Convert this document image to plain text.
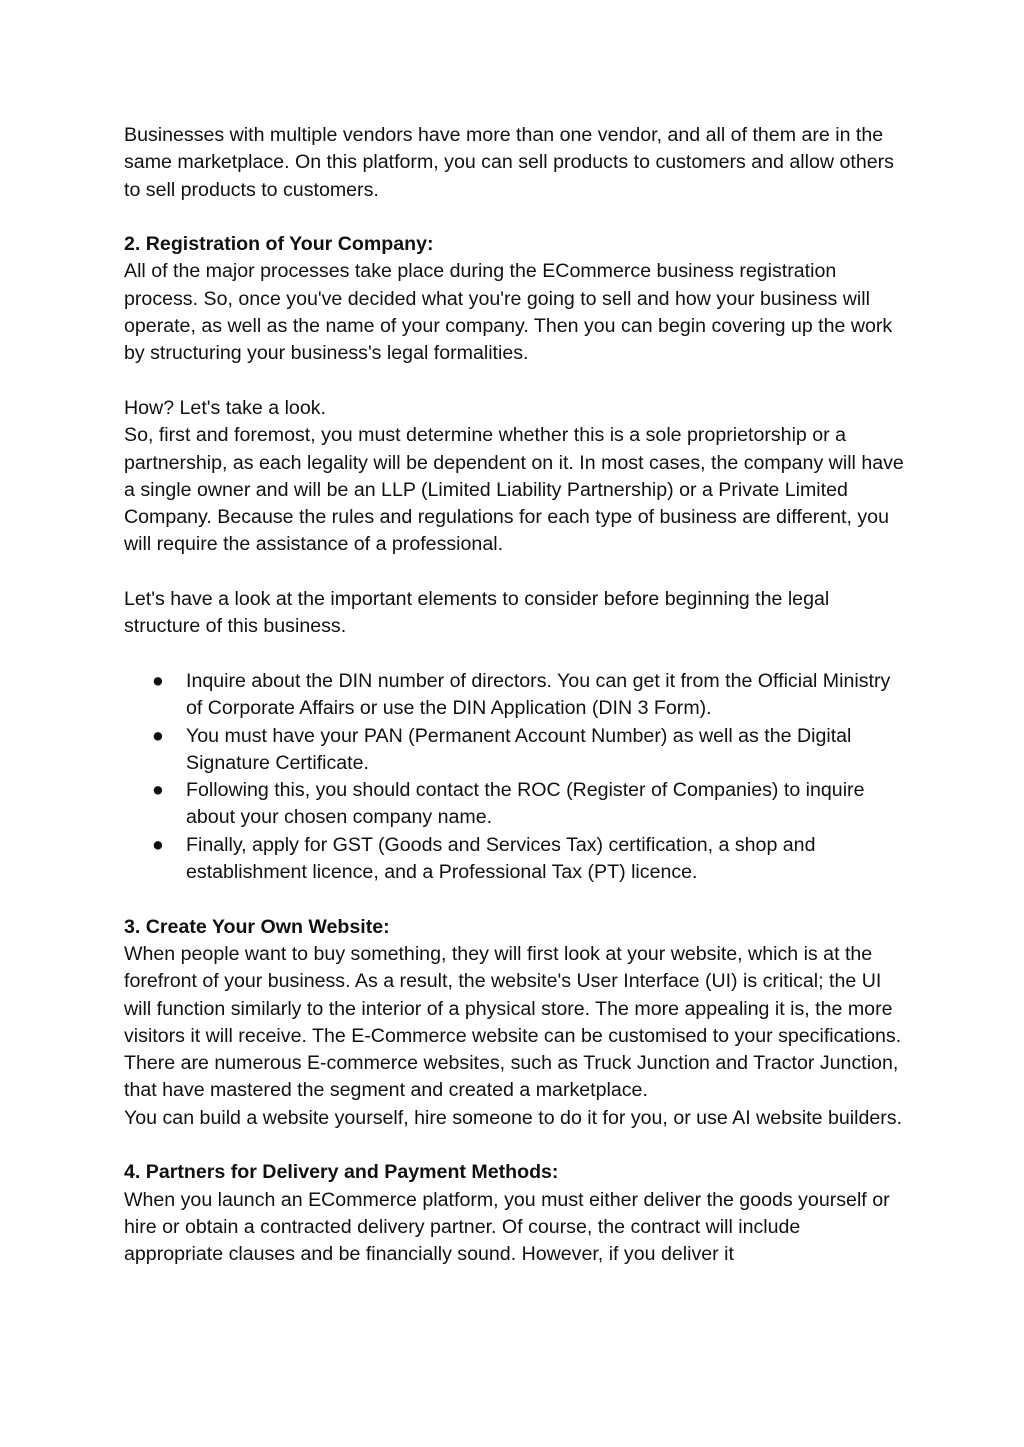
Businesses with multiple vendors have more than one vendor, and all of them are in the same marketplace. On this platform, you can sell products to customers and allow others to sell products to customers.

2. Registration of Your Company:

All of the major processes take place during the ECommerce business registration process. So, once you've decided what you're going to sell and how your business will operate, as well as the name of your company. Then you can begin covering up the work by structuring your business's legal formalities.

How? Let's take a look.

So, first and foremost, you must determine whether this is a sole proprietorship or a partnership, as each legality will be dependent on it. In most cases, the company will have a single owner and will be an LLP (Limited Liability Partnership) or a Private Limited Company. Because the rules and regulations for each type of business are different, you will require the assistance of a professional.

Let's have a look at the important elements to consider before beginning the legal structure of this business.

● Inquire about the DIN number of directors. You can get it from the Official Ministry of Corporate Affairs or use the DIN Application (DIN 3 Form).
● You must have your PAN (Permanent Account Number) as well as the Digital Signature Certificate.
● Following this, you should contact the ROC (Register of Companies) to inquire about your chosen company name.
● Finally, apply for GST (Goods and Services Tax) certification, a shop and establishment licence, and a Professional Tax (PT) licence.

3. Create Your Own Website:

When people want to buy something, they will first look at your website, which is at the forefront of your business. As a result, the website's User Interface (UI) is critical; the UI will function similarly to the interior of a physical store. The more appealing it is, the more visitors it will receive. The E-Commerce website can be customised to your specifications. There are numerous E-commerce websites, such as Truck Junction and Tractor Junction, that have mastered the segment and created a marketplace.

You can build a website yourself, hire someone to do it for you, or use AI website builders.

4. Partners for Delivery and Payment Methods:

When you launch an ECommerce platform, you must either deliver the goods yourself or hire or obtain a contracted delivery partner. Of course, the contract will include appropriate clauses and be financially sound. However, if you deliver it
